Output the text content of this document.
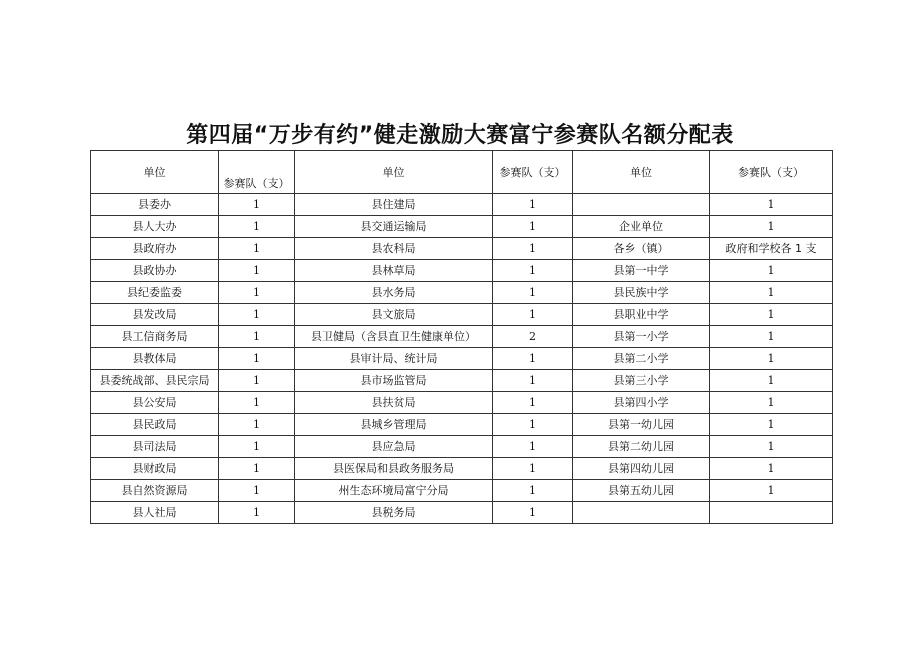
第四届“万步有约”健走激励大赛富宁参赛队名额分配表
单位	参赛队（支）	单位	参赛队（支）	单位	参赛队（支）
县委办	1	县住建局	1		1
县人大办	1	县交通运输局	1	企业单位	1
县政府办	1	县农科局	1	各乡（镇）	政府和学校各 1 支
县政协办	1	县林草局	1	县第一中学	1
县纪委监委	1	县水务局	1	县民族中学	1
县发改局	1	县文旅局	1	县职业中学	1
县工信商务局	1	县卫健局（含县直卫生健康单位）	2	县第一小学	1
县教体局	1	县审计局、统计局	1	县第二小学	1
县委统战部、县民宗局	1	县市场监管局	1	县第三小学	1
县公安局	1	县扶贫局	1	县第四小学	1
县民政局	1	县城乡管理局	1	县第一幼儿园	1
县司法局	1	县应急局	1	县第二幼儿园	1
县财政局	1	县医保局和县政务服务局	1	县第四幼儿园	1
县自然资源局	1	州生态环境局富宁分局	1	县第五幼儿园	1
县人社局	1	县税务局	1		
